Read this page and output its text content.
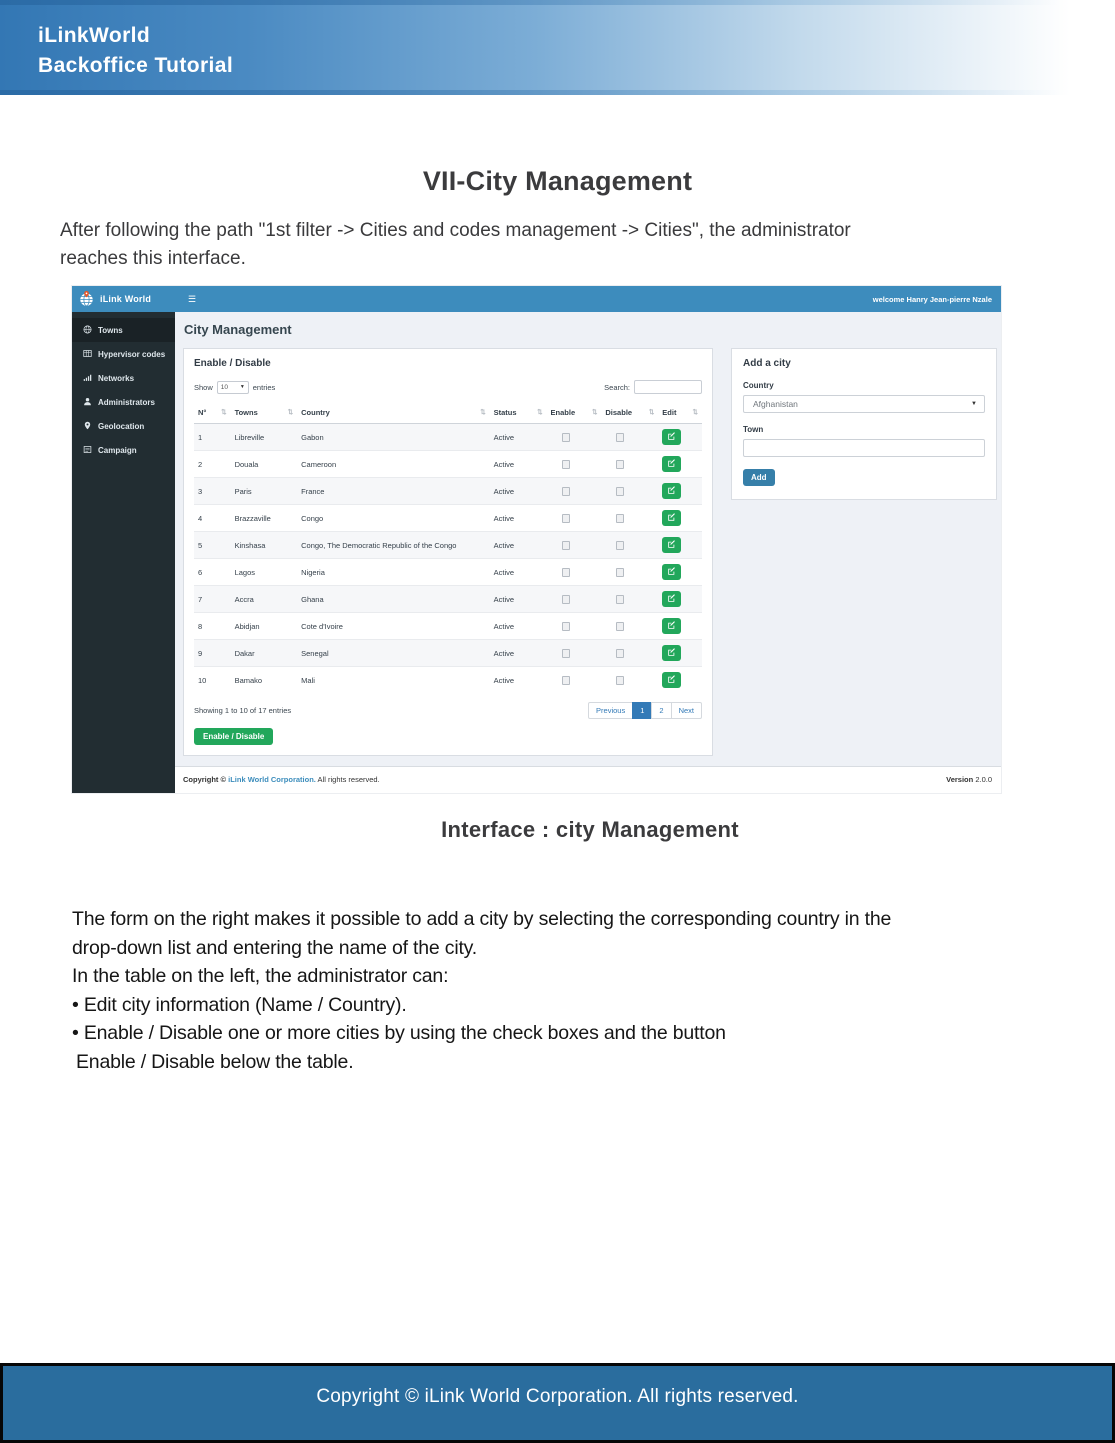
iLinkWorld
Backoffice Tutorial
VII-City Management
After following the path "1st filter -> Cities and codes management -> Cities", the administrator
reaches this interface.
iLink World	☰	welcome Hanry Jean-pierre Nzale
Towns
Hypervisor codes
Networks
Administrators
Geolocation
Campaign
City Management
Enable / Disable
Show 10 ▼ entries	Search:
N° ⇅	Towns ⇅	Country ⇅	Status ⇅	Enable ⇅	Disable ⇅	Edit ⇅

1	Libreville	Gabon	Active	

2	Douala	Cameroon	Active	

3	Paris	France	Active	

4	Brazzaville	Congo	Active	

5	Kinshasa	Congo, The Democratic Republic of the Congo	Active	

6	Lagos	Nigeria	Active	

7	Accra	Ghana	Active	

8	Abidjan	Cote d'Ivoire	Active	

9	Dakar	Senegal	Active	

10	Bamako	Mali	Active	

Showing 1 to 10 of 17 entries	Previous	1	2	Next
Enable / Disable
Add a city
Country
Afghanistan	▼
Town
Add
Copyright © iLink World Corporation. All rights reserved.	Version 2.0.0
Interface : city Management
The form on the right makes it possible to add a city by selecting the corresponding country in the
drop-down list and entering the name of the city.
In the table on the left, the administrator can:
• Edit city information (Name / Country).
• Enable / Disable one or more cities by using the check boxes and the button
Enable / Disable below the table.
Copyright © iLink World Corporation. All rights reserved.
